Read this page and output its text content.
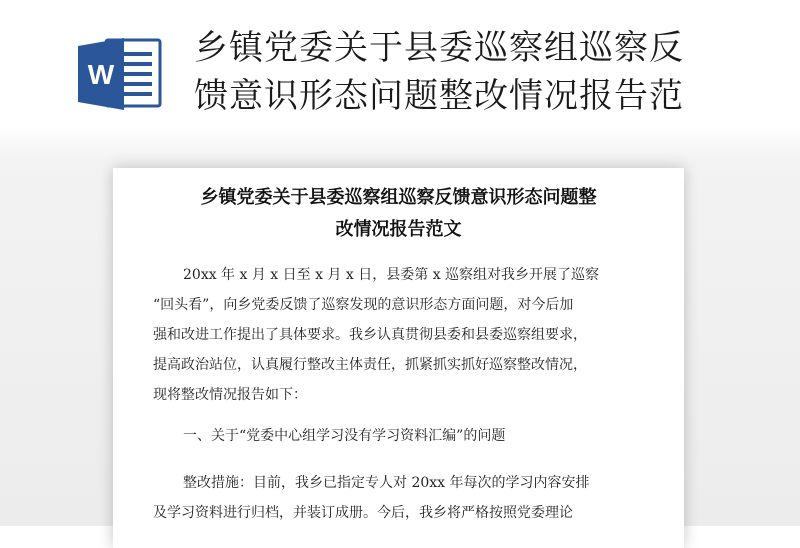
W
乡镇党委关于县委巡察组巡察反
馈意识形态问题整改情况报告范
乡镇党委关于县委巡察组巡察反馈意识形态问题整
改情况报告范文
20xx 年 x 月 x 日至 x 月 x 日，县委第 x 巡察组对我乡开展了巡察
“回头看”，向乡党委反馈了巡察发现的意识形态方面问题，对今后加
强和改进工作提出了具体要求。我乡认真贯彻县委和县委巡察组要求，
提高政治站位，认真履行整改主体责任，抓紧抓实抓好巡察整改情况，
现将整改情况报告如下：
一、关于“党委中心组学习没有学习资料汇编”的问题
整改措施：目前，我乡已指定专人对 20xx 年每次的学习内容安排
及学习资料进行归档，并装订成册。今后，我乡将严格按照党委理论
